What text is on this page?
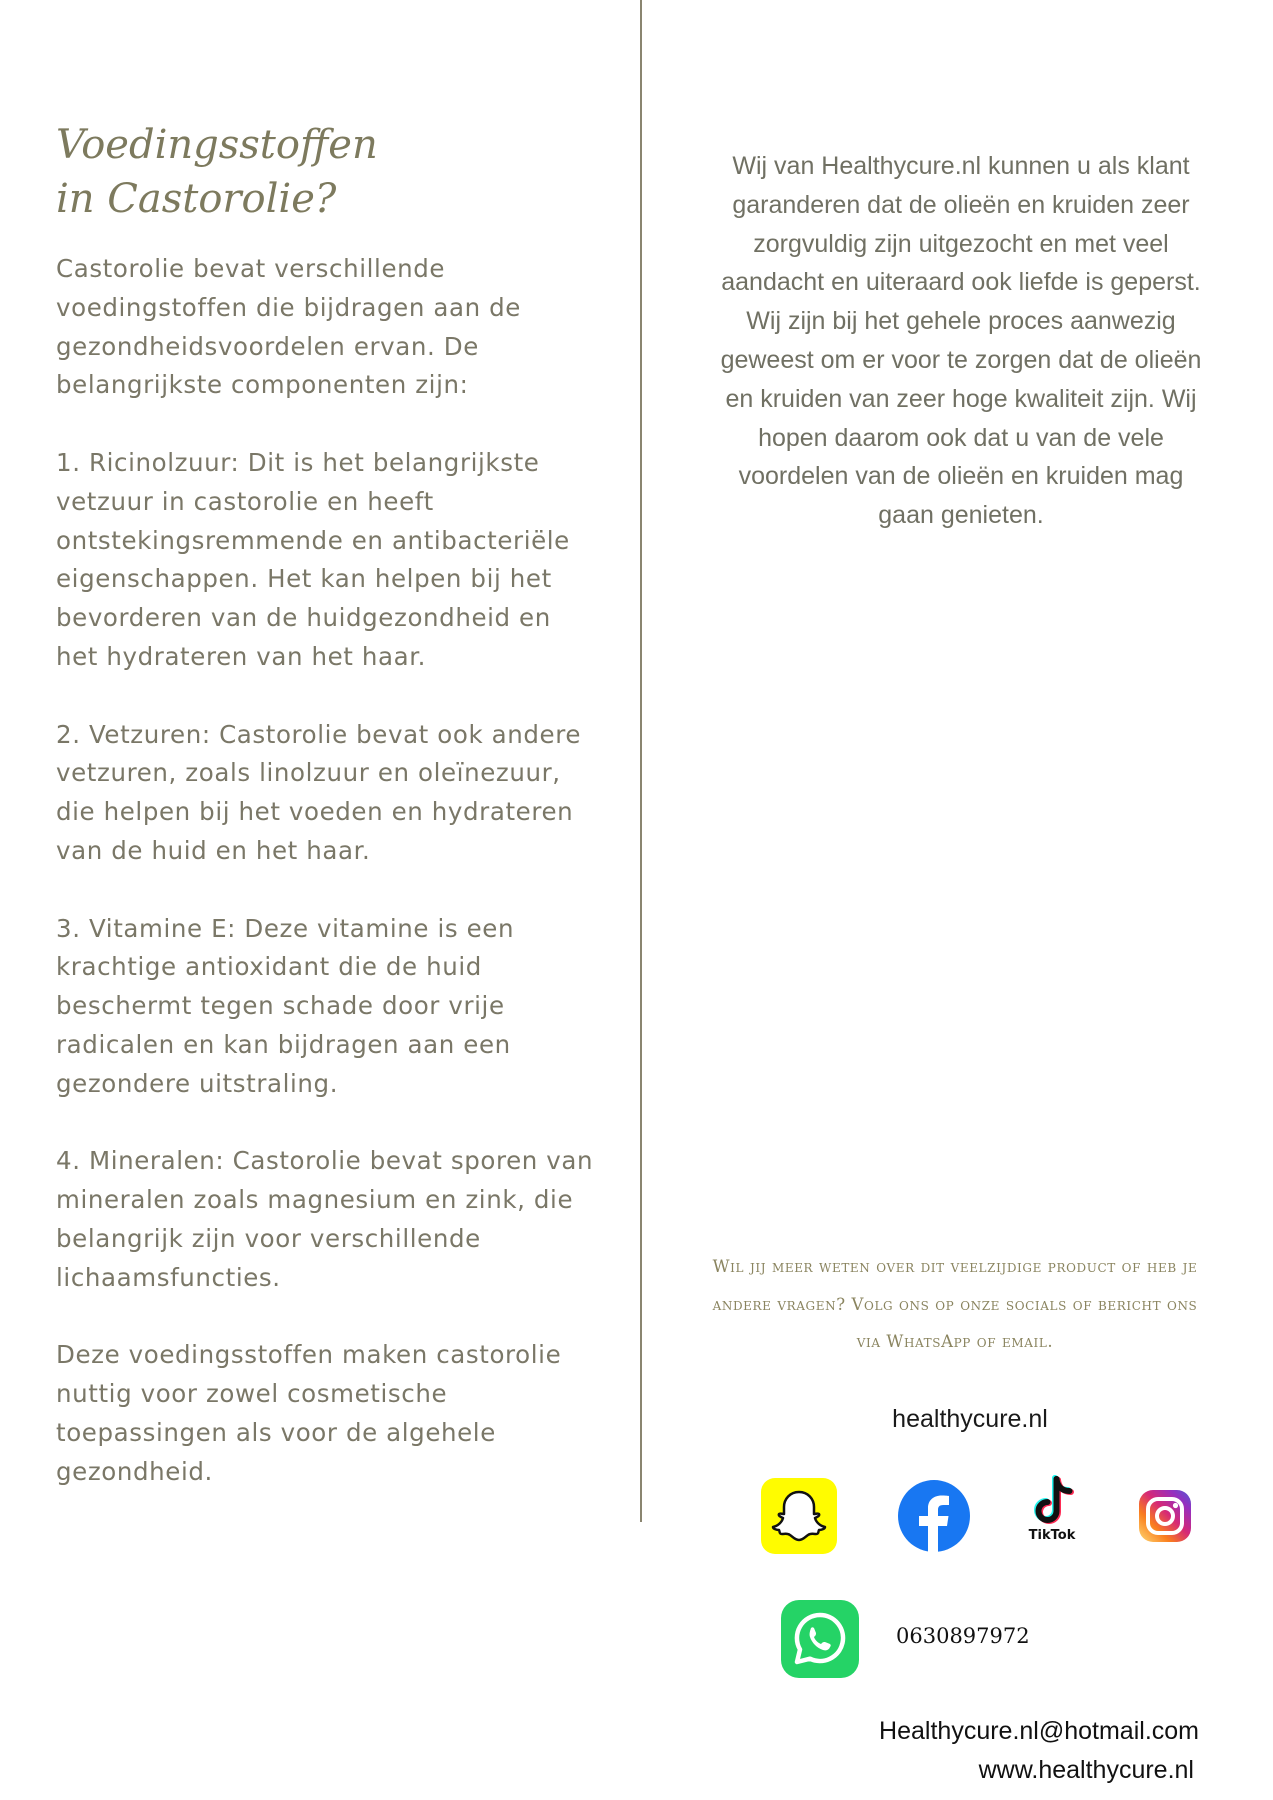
Voedingsstoffen in Castorolie?

Castorolie bevat verschillende voedingstoffen die bijdragen aan de gezondheidsvoordelen ervan. De belangrijkste componenten zijn:

1. Ricinolzuur: Dit is het belangrijkste vetzuur in castorolie en heeft ontstekingsremmende en antibacteriële eigenschappen. Het kan helpen bij het bevorderen van de huidgezondheid en het hydrateren van het haar.

2. Vetzuren: Castorolie bevat ook andere vetzuren, zoals linolzuur en oleïnezuur, die helpen bij het voeden en hydrateren van de huid en het haar.

3. Vitamine E: Deze vitamine is een krachtige antioxidant die de huid beschermt tegen schade door vrije radicalen en kan bijdragen aan een gezondere uitstraling.

4. Mineralen: Castorolie bevat sporen van mineralen zoals magnesium en zink, die belangrijk zijn voor verschillende lichaamsfuncties.

Deze voedingsstoffen maken castorolie nuttig voor zowel cosmetische toepassingen als voor de algehele gezondheid.

Wij van Healthycure.nl kunnen u als klant garanderen dat de olieën en kruiden zeer zorgvuldig zijn uitgezocht en met veel aandacht en uiteraard ook liefde is geperst. Wij zijn bij het gehele proces aanwezig geweest om er voor te zorgen dat de olieën en kruiden van zeer hoge kwaliteit zijn. Wij hopen daarom ook dat u van de vele voordelen van de olieën en kruiden mag gaan genieten.
Wil jij meer weten over dit veelzijdige product of heb je andere vragen? Volg ons op onze socials of bericht ons via WhatsApp of email.
healthycure.nl
TikTok
0630897972
Healthycure.nl@hotmail.com
www.healthycure.nl
